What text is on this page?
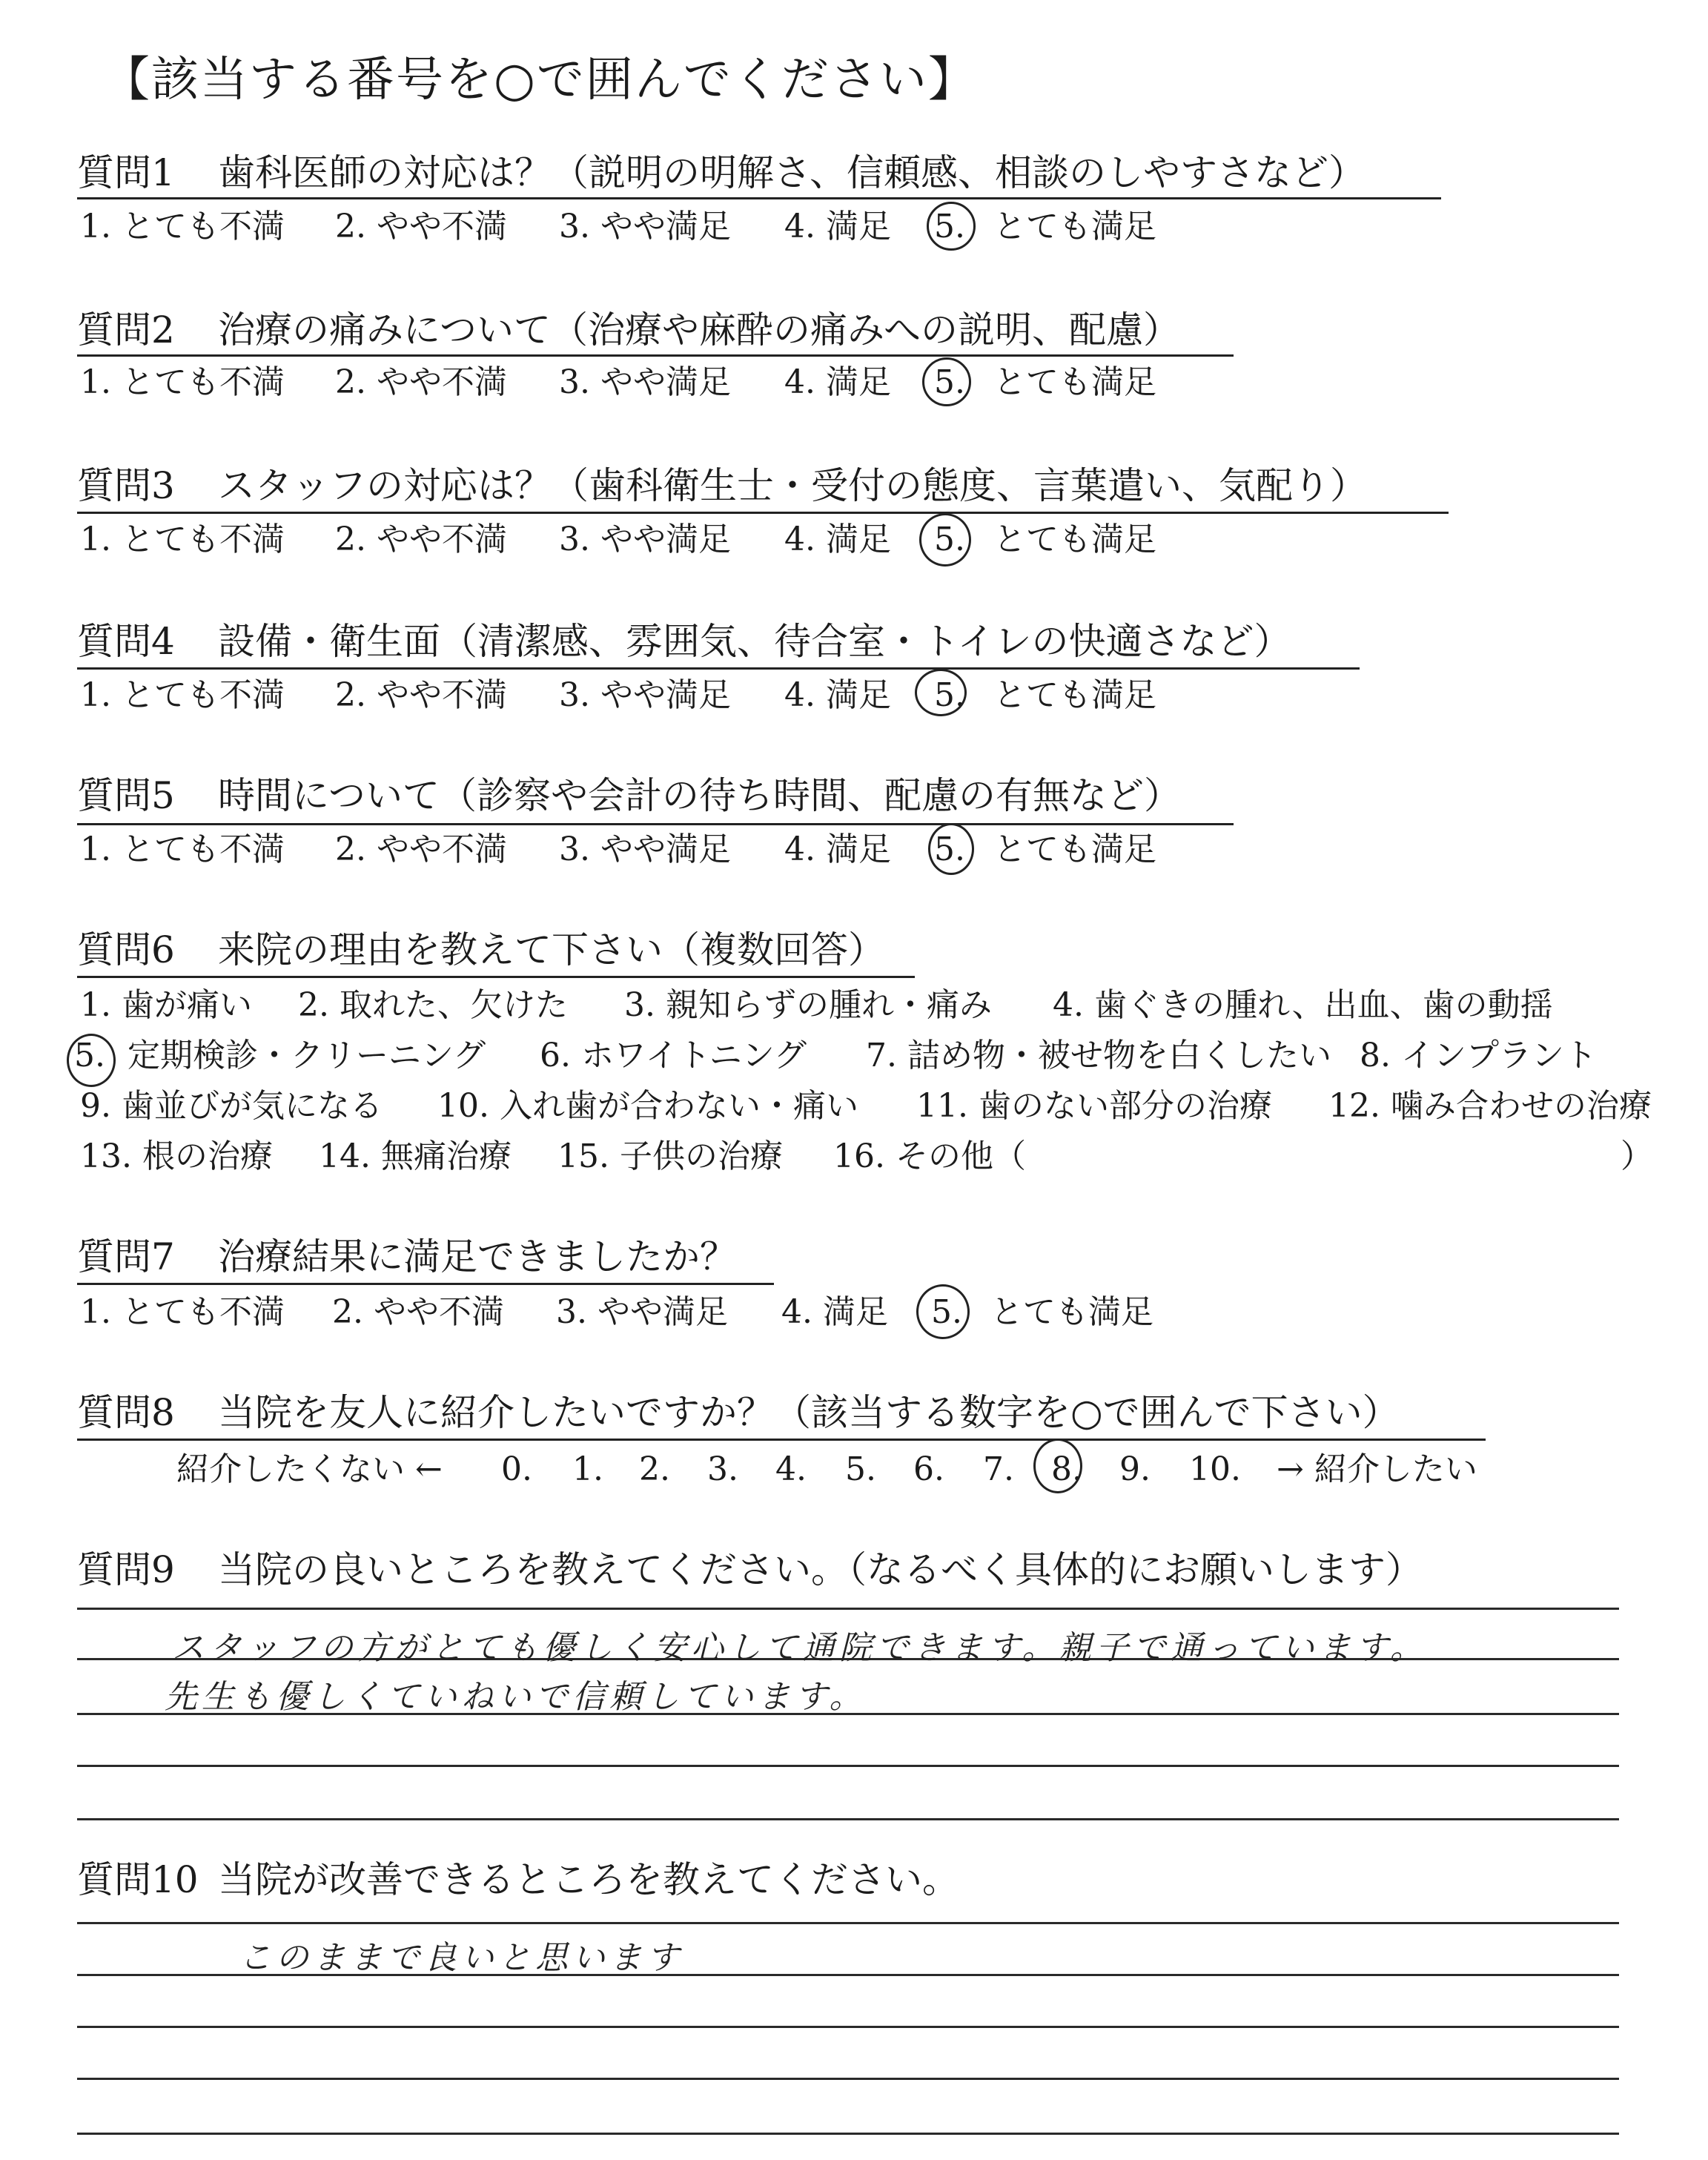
【該当する番号を○で囲んでください】
質問1 歯科医師の対応は？（説明の明解さ、信頼感、相談のしやすさなど）
1. とても不満 2. やや不満 3. やや満足 4. 満足 5. とても満足
質問2 治療の痛みについて（治療や麻酔の痛みへの説明、配慮）
1. とても不満 2. やや不満 3. やや満足 4. 満足 5. とても満足
質問3 スタッフの対応は？（歯科衛生士・受付の態度、言葉遣い、気配り）
1. とても不満 2. やや不満 3. やや満足 4. 満足 5. とても満足
質問4 設備・衛生面（清潔感、雰囲気、待合室・トイレの快適さなど）
1. とても不満 2. やや不満 3. やや満足 4. 満足 5. とても満足
質問5 時間について（診察や会計の待ち時間、配慮の有無など）
1. とても不満 2. やや不満 3. やや満足 4. 満足 5. とても満足
質問6 来院の理由を教えて下さい（複数回答）
1. 歯が痛い 2. 取れた、欠けた 3. 親知らずの腫れ・痛み 4. 歯ぐきの腫れ、出血、歯の動揺
5. 定期検診・クリーニング 6. ホワイトニング 7. 詰め物・被せ物を白くしたい 8. インプラント
9. 歯並びが気になる 10. 入れ歯が合わない・痛い 11. 歯のない部分の治療 12. 噛み合わせの治療
13. 根の治療 14. 無痛治療 15. 子供の治療 16. その他（	）
質問7 治療結果に満足できましたか？
1. とても不満 2. やや不満 3. やや満足 4. 満足 5. とても満足
質問8 当院を友人に紹介したいですか？（該当する数字を○で囲んで下さい）
紹介したくない ← 0. 1. 2. 3. 4. 5. 6. 7. 8. 9. 10. → 紹介したい
質問9 当院の良いところを教えてください。（なるべく具体的にお願いします）
スタッフの方がとても優しく安心して通院できます。親子で通っています。
先生も優しくていねいで信頼しています。
質問10 当院が改善できるところを教えてください。
このままで良いと思います
